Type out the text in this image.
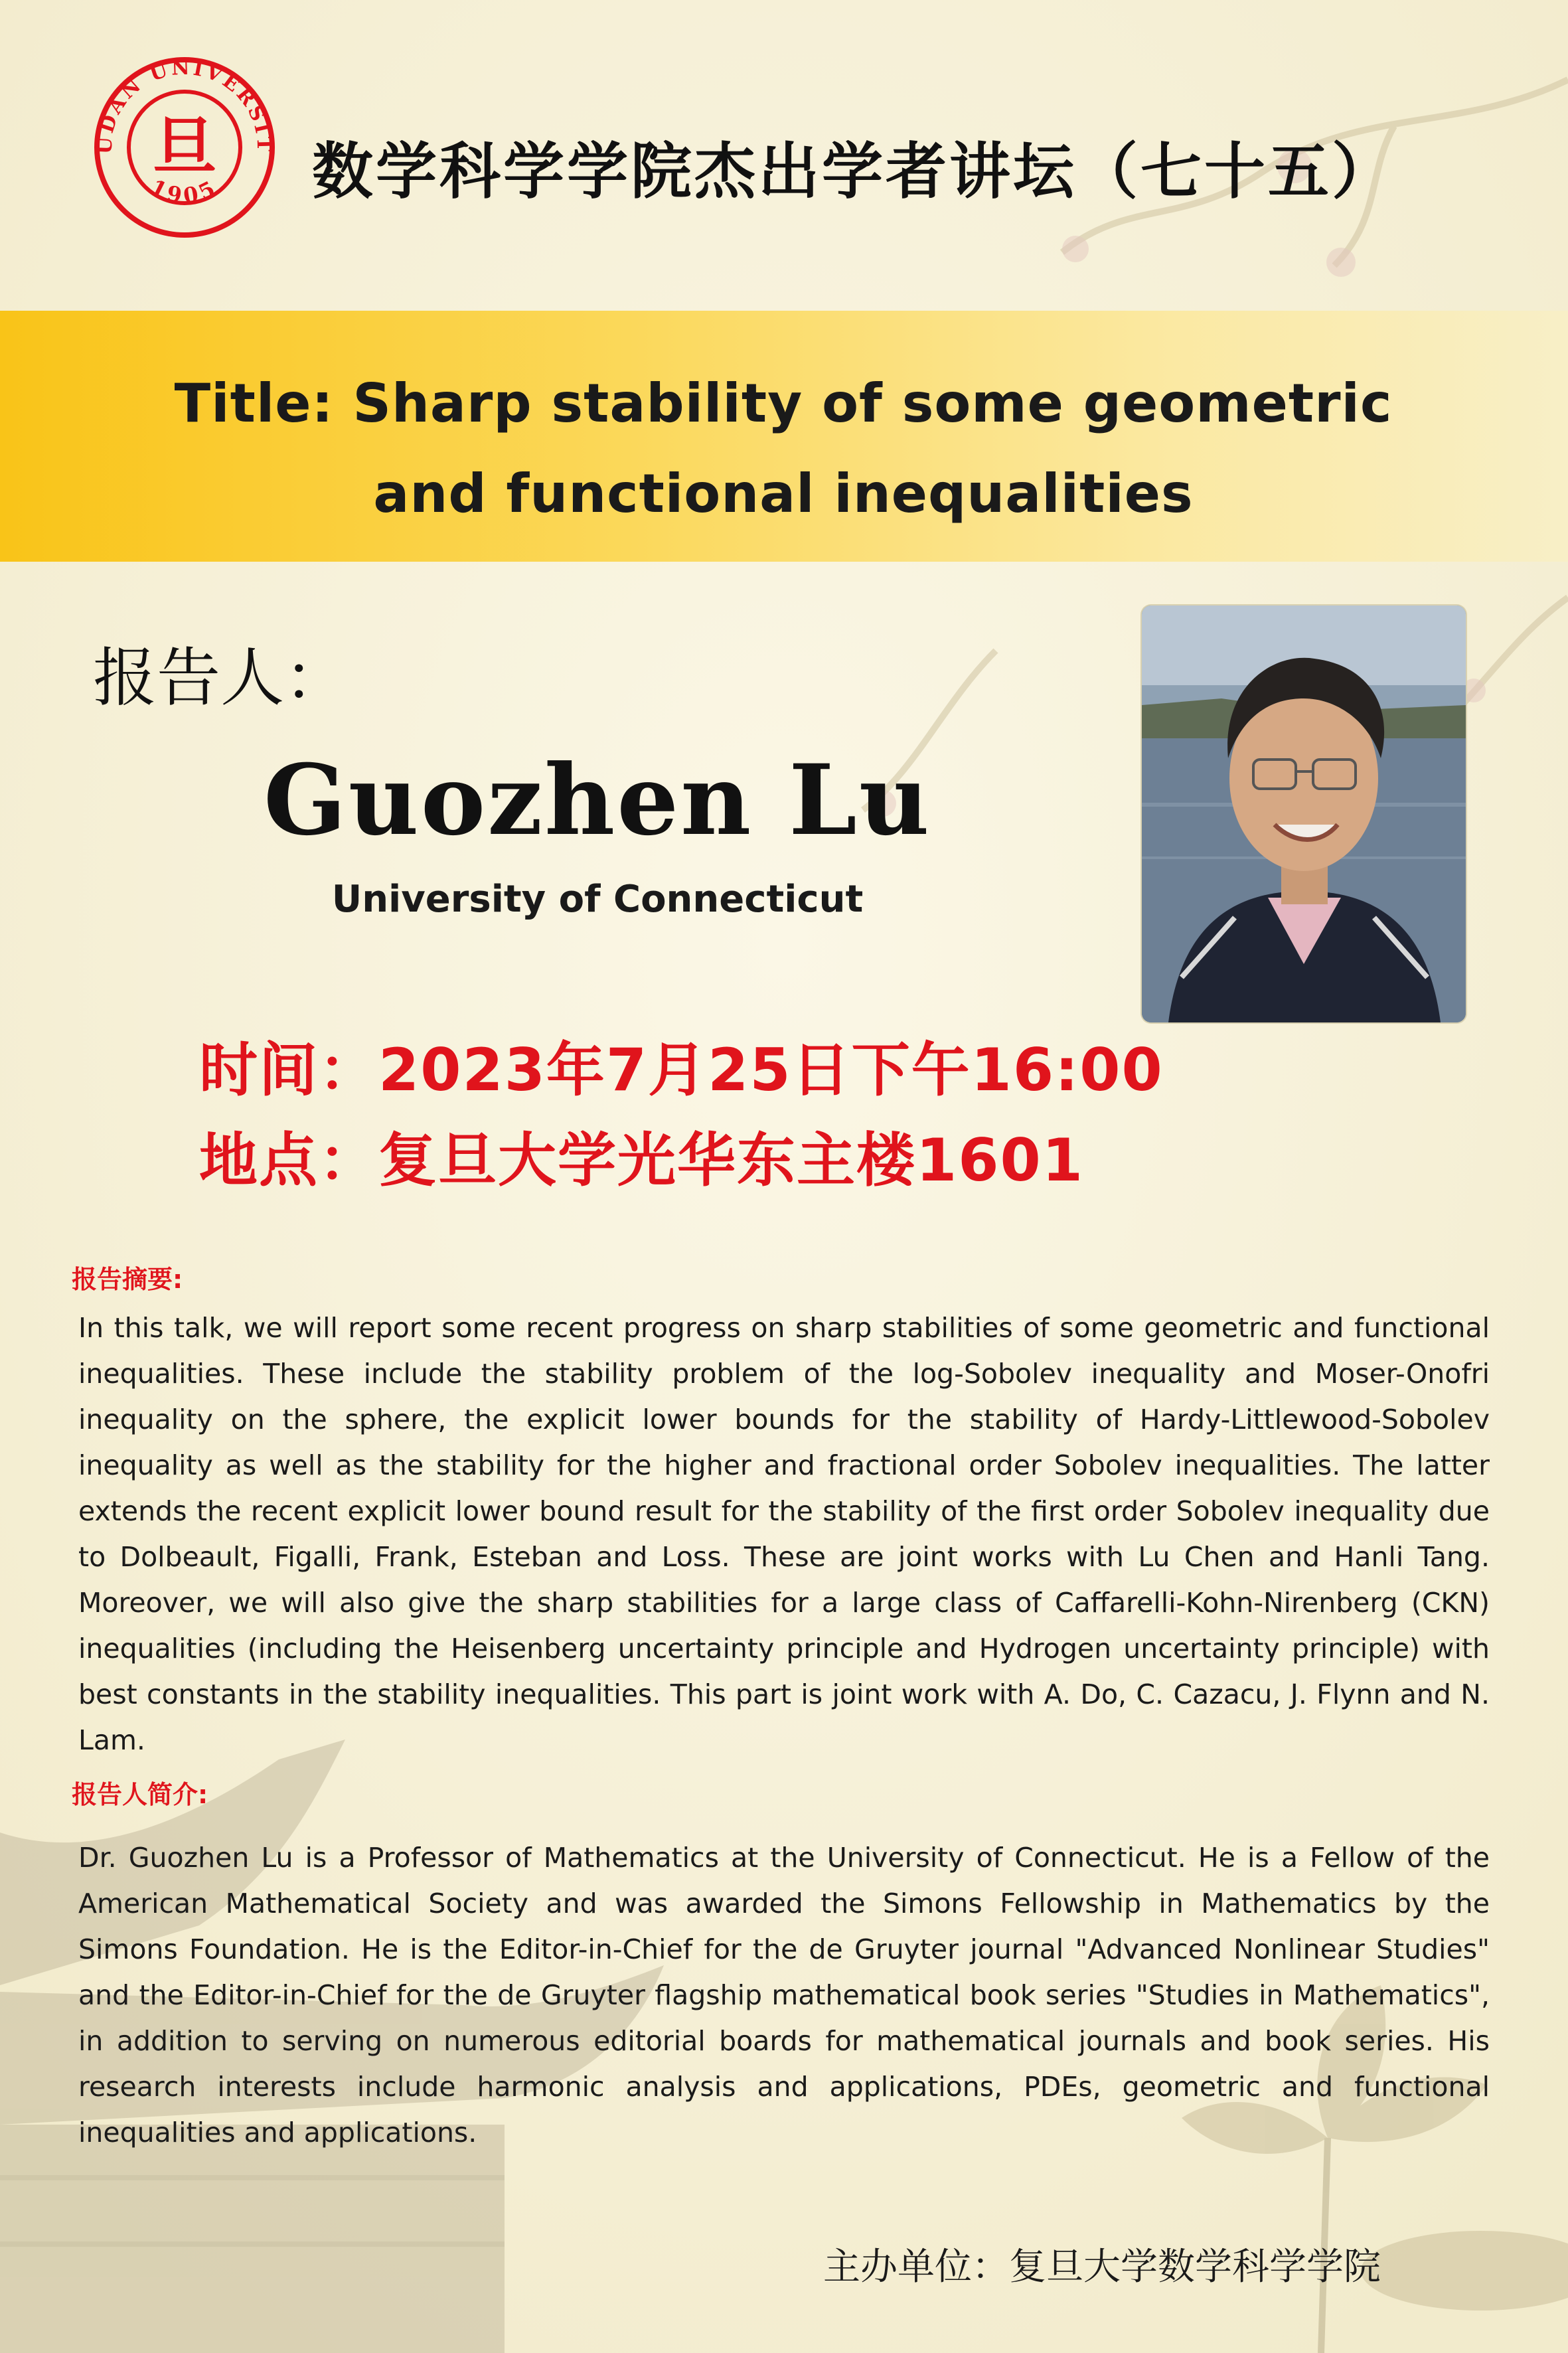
UDAN UNIVERSIT
1905
旦 数学科学学院杰出学者讲坛（七十五）
Title: Sharp stability of some geometric
and functional inequalities
报告人：
Guozhen Lu
University of Connecticut
时间：2023年7月25日下午16:00
地点：复旦大学光华东主楼1601
报告摘要:
In this talk, we will report some recent progress on sharp stabilities of some geometric and functional inequalities. These include the stability problem of the log-Sobolev inequality and Moser-Onofri inequality on the sphere, the explicit lower bounds for the stability of Hardy-Littlewood-Sobolev inequality as well as the stability for the higher and fractional order Sobolev inequalities. The latter extends the recent explicit lower bound result for the stability of the first order Sobolev inequality due to Dolbeault, Figalli, Frank, Esteban and Loss. These are joint works with Lu Chen and Hanli Tang. Moreover, we will also give the sharp stabilities for a large class of Caffarelli-Kohn-Nirenberg (CKN) inequalities (including the Heisenberg uncertainty principle and Hydrogen uncertainty principle) with best constants in the stability inequalities. This part is joint work with A. Do, C. Cazacu, J. Flynn and N. Lam.
报告人简介:
Dr. Guozhen Lu is a Professor of Mathematics at the University of Connecticut. He is a Fellow of the American Mathematical Society and was awarded the Simons Fellowship in Mathematics by the Simons Foundation. He is the Editor-in-Chief for the de Gruyter journal "Advanced Nonlinear Studies" and the Editor-in-Chief for the de Gruyter flagship mathematical book series "Studies in Mathematics", in addition to serving on numerous editorial boards for mathematical journals and book series. His research interests include harmonic analysis and applications, PDEs, geometric and functional inequalities and applications.
主办单位：复旦大学数学科学学院
